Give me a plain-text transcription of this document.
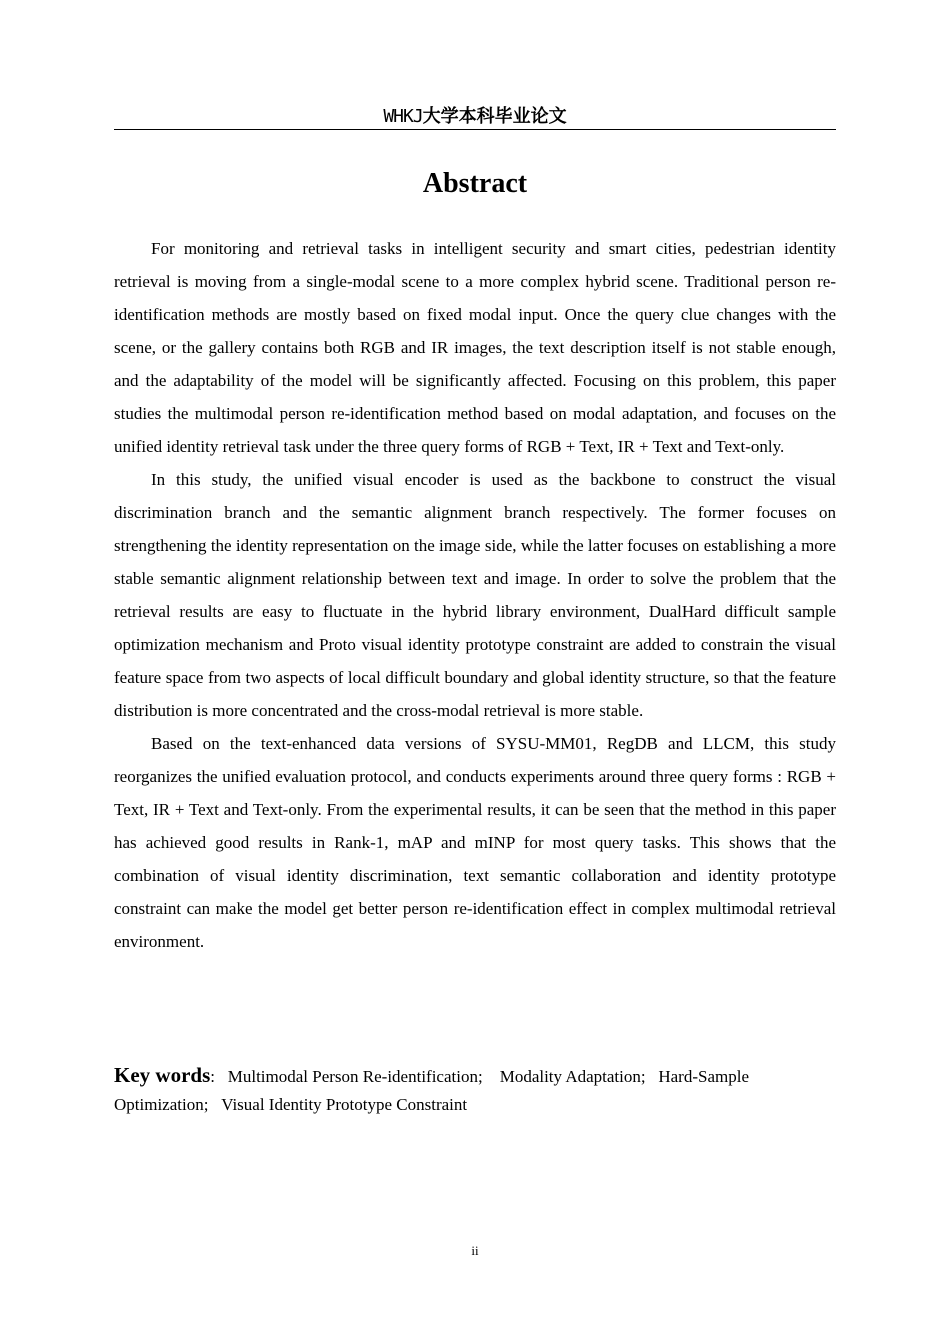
WHKJ大学本科毕业论文
Abstract

For monitoring and retrieval tasks in intelligent security and smart cities, pedestrian identity retrieval is moving from a single-modal scene to a more complex hybrid scene. Traditional person re-identification methods are mostly based on fixed modal input. Once the query clue changes with the scene, or the gallery contains both RGB and IR images, the text description itself is not stable enough, and the adaptability of the model will be significantly affected. Focusing on this problem, this paper studies the multimodal person re-identification method based on modal adaptation, and focuses on the unified identity retrieval task under the three query forms of RGB + Text, IR + Text and Text-only.

In this study, the unified visual encoder is used as the backbone to construct the visual discrimination branch and the semantic alignment branch respectively. The former focuses on strengthening the identity representation on the image side, while the latter focuses on establishing a more stable semantic alignment relationship between text and image. In order to solve the problem that the retrieval results are easy to fluctuate in the hybrid library environment, DualHard difficult sample optimization mechanism and Proto visual identity prototype constraint are added to constrain the visual feature space from two aspects of local difficult boundary and global identity structure, so that the feature distribution is more concentrated and the cross-modal retrieval is more stable.

Based on the text-enhanced data versions of SYSU-MM01, RegDB and LLCM, this study reorganizes the unified evaluation protocol, and conducts experiments around three query forms : RGB + Text, IR + Text and Text-only. From the experimental results, it can be seen that the method in this paper has achieved good results in Rank-1, mAP and mINP for most query tasks. This shows that the combination of visual identity discrimination, text semantic collaboration and identity prototype constraint can make the model get better person re-identification effect in complex multimodal retrieval environment.

Key words: Multimodal Person Re-identification; Modality Adaptation; Hard-Sample Optimization; Visual Identity Prototype Constraint
ii
